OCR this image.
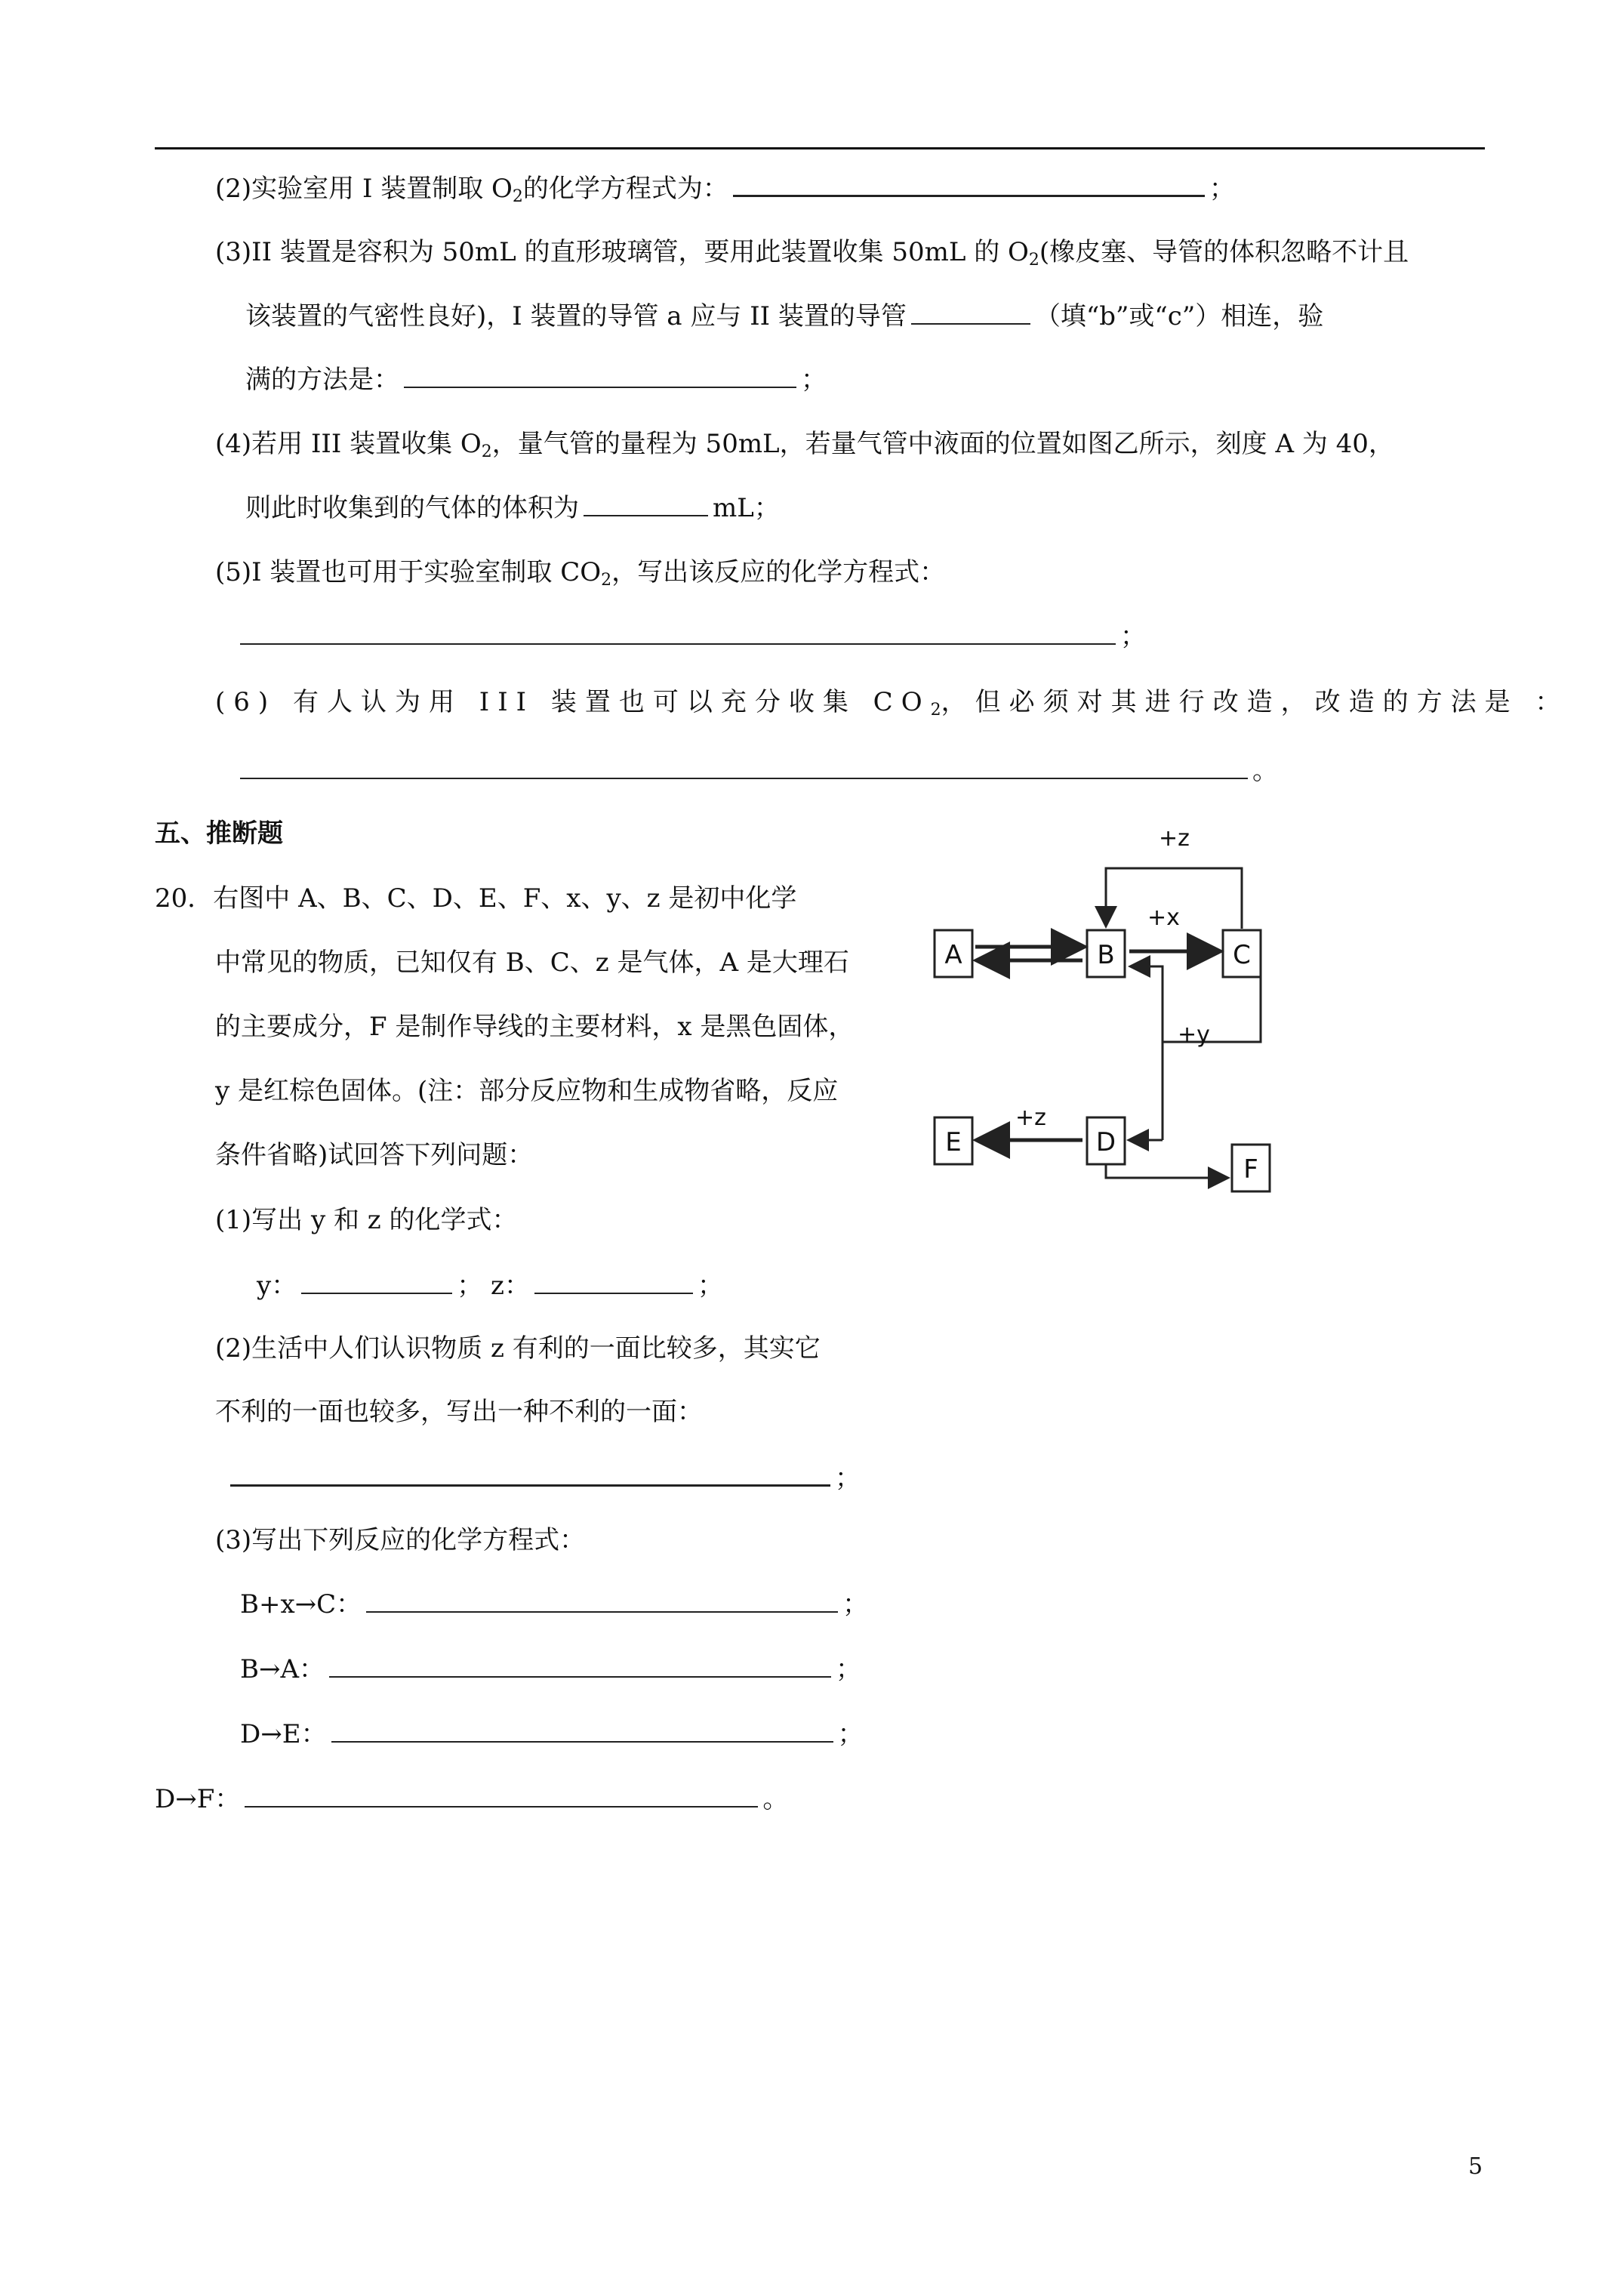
(2)实验室用 I 装置制取 $O_2$的化学方程式为：	；
(3)II 装置是容积为 50mL 的直形玻璃管，要用此装置收集 50mL 的 $O_2$(橡皮塞、导管的体积忽略不计且
该装置的气密性良好)，I 装置的导管 a 应与 II 装置的导管	（填“b”或“c”）相连，验
满的方法是：	；
(4)若用 III 装置收集 $O_2$，量气管的量程为 50mL，若量气管中液面的位置如图乙所示，刻度 A 为 40，
则此时收集到的气体的体积为	mL；
(5)I 装置也可用于实验室制取 $CO_2$，写出该反应的化学方程式：
；
(6) 有人认为用 III 装置也可以充分收集 $CO_2$，但必须对其进行改造，改造的方法是 ：
。
五、推断题
20．右图中 A、B、C、D、E、F、x、y、z 是初中化学
中常见的物质，已知仅有 B、C、z 是气体，A 是大理石
的主要成分，F 是制作导线的主要材料，x 是黑色固体，
y 是红棕色固体。(注：部分反应物和生成物省略，反应
条件省略)试回答下列问题：
(1)写出 y 和 z 的化学式：
y：	； z：	；
(2)生活中人们认识物质 z 有利的一面比较多，其实它
不利的一面也较多，写出一种不利的一面：
；
(3)写出下列反应的化学方程式：
B+x→C：	；
B→A：	；
D→E：	；
D→F：	。
A	B	C
D
E
F
+z
+x
+y
+z
5
